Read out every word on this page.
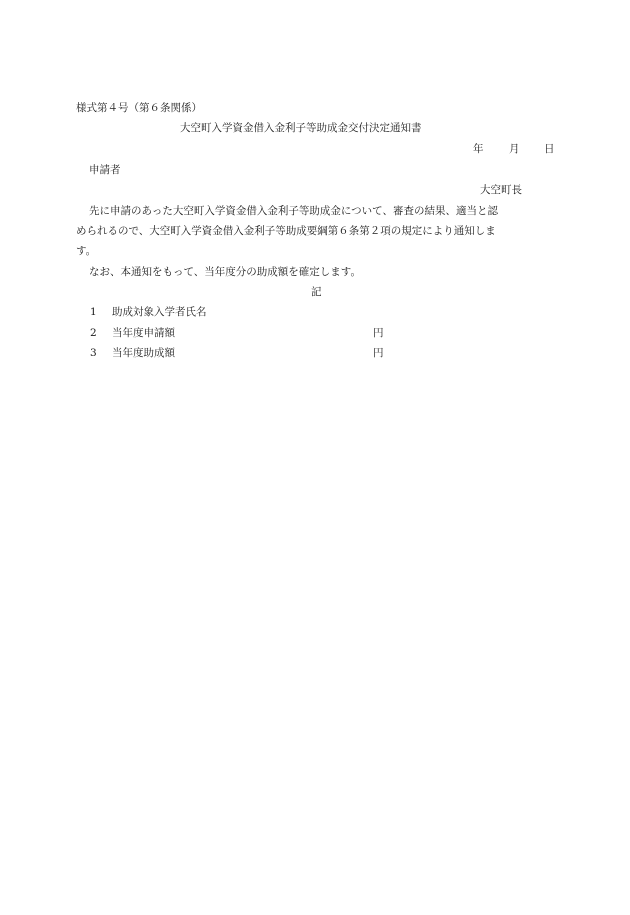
様式第４号（第６条関係）
大空町入学資金借入金利子等助成金交付決定通知書
年 月 日
申請者
大空町長
先に申請のあった大空町入学資金借入金利子等助成金について、審査の結果、適当と認
められるので、大空町入学資金借入金利子等助成要綱第６条第２項の規定により通知しま
す。
なお、本通知をもって、当年度分の助成額を確定します。
記
1 助成対象入学者氏名
2 当年度申請額	円
3 当年度助成額	円
